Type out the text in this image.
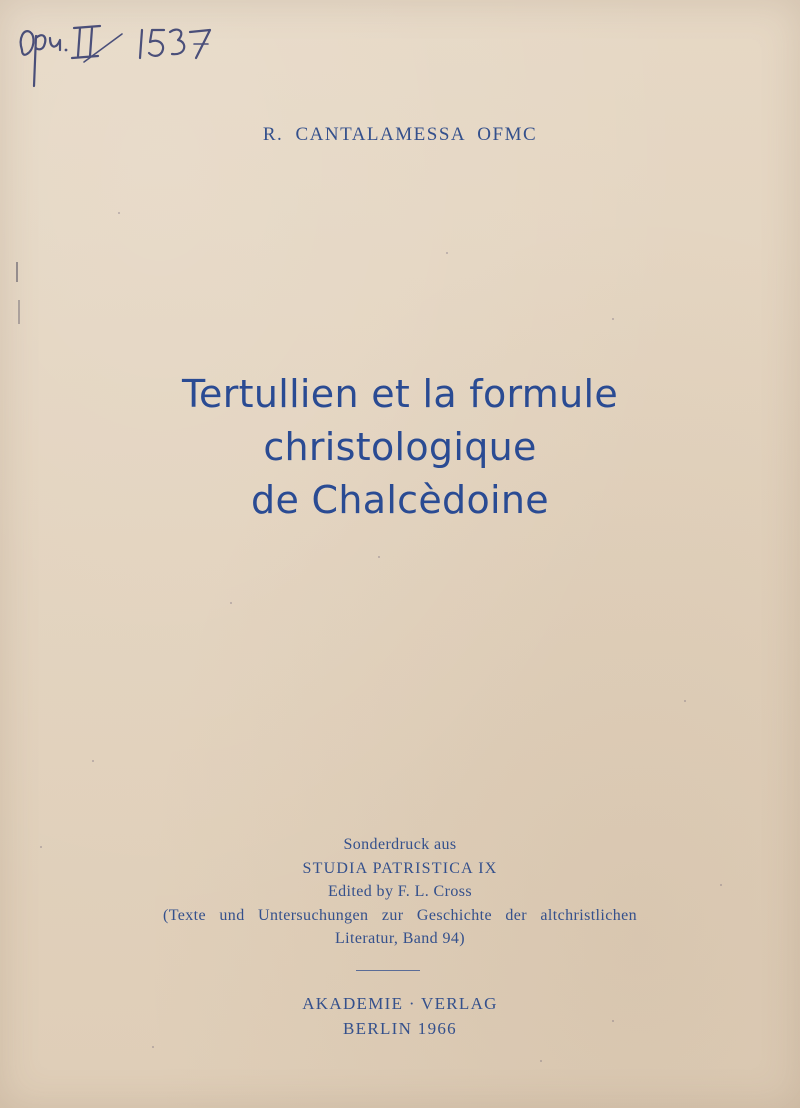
R. CANTALAMESSA OFMC
Tertullien et la formule
christologique
de Chalcèdoine
Sonderdruck aus
STUDIA PATRISTICA IX
Edited by F. L. Cross
(Texte und Untersuchungen zur Geschichte der altchristlichen
Literatur, Band 94)
AKADEMIE · VERLAG
BERLIN 1966
